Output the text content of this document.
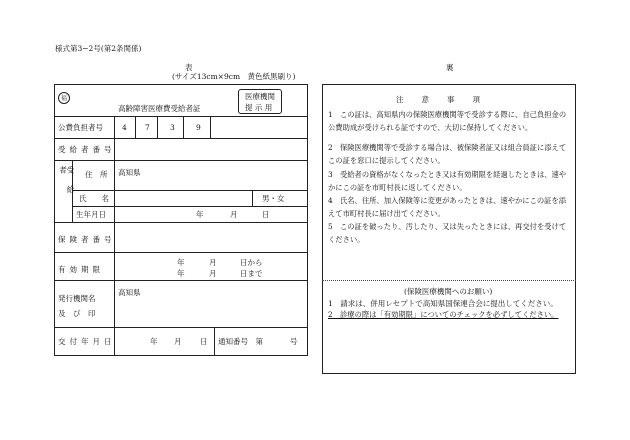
様式第3−2号(第2条関係)
表
(サイズ13cm×9cm　黄色紙黒刷り)
裏
福
高齢障害医療費受給者証
医療機関
提 示 用
公費負担者号	4 7	3	9
受給者番号
受給者	住　所 高知県
氏　　名	男・女
生年月日	年	月	日
保険者番号
有効期限
年	月	日から
年	月	日まで
発行機関名
及　び　印
高知県
交付年月日	年 月 日 通知番号　第	号
注　　意　　事　　項
1　この証は、高知県内の保険医療機関等で受診する際に、自己負担金の公費助成が受けられる証ですので、大切に保持してください。
2　保険医療機関等で受診する場合は、被保険者証又は組合員証に添えてこの証を窓口に提示してください。
3　受給者の資格がなくなったとき又は有効期限を経過したときは、速やかにこの証を市町村長に返してください。
4　氏名、住所、加入保険等に変更があったときは、速やかにこの証を添えて市町村長に届け出てください。
5　この証を破ったり、汚したり、又は失ったときには、再交付を受けてください。
(保険医療機関へのお願い)
1　請求は、併用レセプトで高知県国保連合会に提出してください。
2　診療の際は「有効期限」についてのチェックを必ずしてください。
